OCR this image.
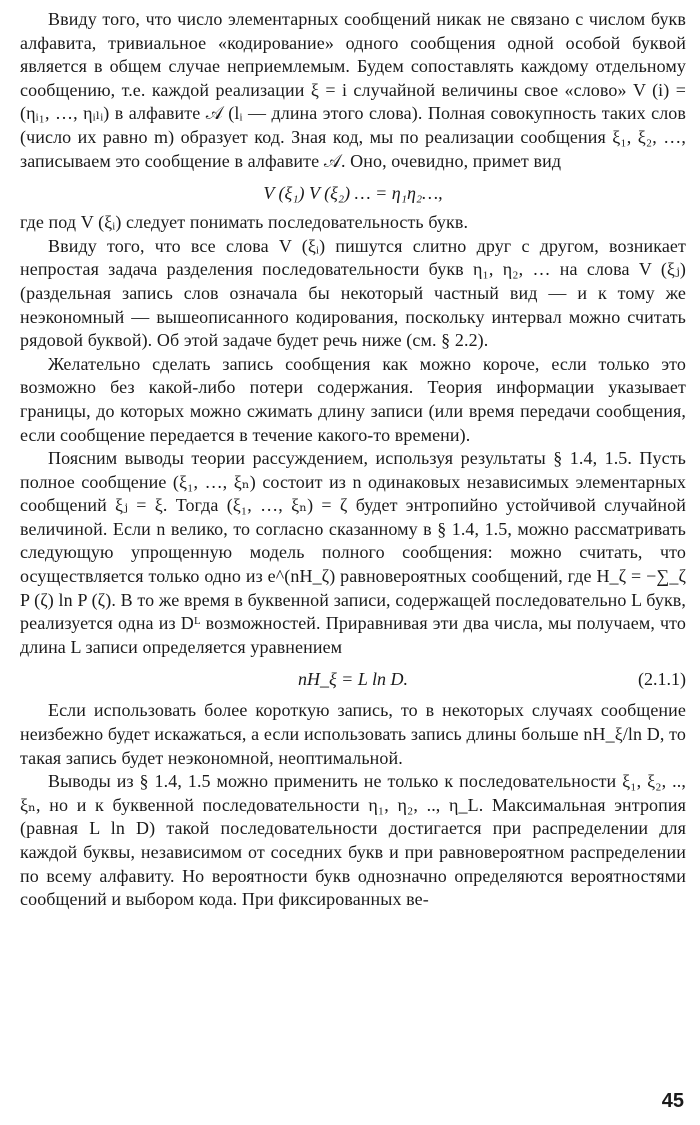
Ввиду того, что число элементарных сообщений никак не связано с числом букв алфавита, тривиальное «кодирование» одного сообщения одной особой буквой является в общем случае неприемлемым. Будем сопоставлять каждому отдельному сообщению, т.е. каждой реализации ξ = i случайной величины свое «слово» V (i) = (ηᵢ₁, …, ηᵢₗᵢ) в алфавите 𝒜 (lᵢ — длина этого слова). Полная совокупность таких слов (число их равно m) образует код. Зная код, мы по реализации сообщения ξ₁, ξ₂, …, записываем это сообщение в алфавите 𝒜. Оно, очевидно, примет вид

V (ξ₁) V (ξ₂) … = η₁η₂…,

где под V (ξᵢ) следует понимать последовательность букв.

Ввиду того, что все слова V (ξᵢ) пишутся слитно друг с другом, возникает непростая задача разделения последовательности букв η₁, η₂, … на слова V (ξⱼ) (раздельная запись слов означала бы некоторый частный вид — и к тому же неэкономный — вышеописанного кодирования, поскольку интервал можно считать рядовой буквой). Об этой задаче будет речь ниже (см. § 2.2).

Желательно сделать запись сообщения как можно короче, если только это возможно без какой-либо потери содержания. Теория информации указывает границы, до которых можно сжимать длину записи (или время передачи сообщения, если сообщение передается в течение какого-то времени).

Поясним выводы теории рассуждением, используя результаты § 1.4, 1.5. Пусть полное сообщение (ξ₁, …, ξₙ) состоит из n одинаковых независимых элементарных сообщений ξⱼ = ξ. Тогда (ξ₁, …, ξₙ) = ζ будет энтропийно устойчивой случайной величиной. Если n велико, то согласно сказанному в § 1.4, 1.5, можно рассматривать следующую упрощенную модель полного сообщения: можно считать, что осуществляется только одно из e^(nH_ζ) равновероятных сообщений, где H_ζ = −∑_ζ P (ζ) ln P (ζ). В то же время в буквенной записи, содержащей последовательно L букв, реализуется одна из Dᴸ возможностей. Приравнивая эти два числа, мы получаем, что длина L записи определяется уравнением

nH_ξ = L ln D.	(2.1.1)

Если использовать более короткую запись, то в некоторых случаях сообщение неизбежно будет искажаться, а если использовать запись длины больше nH_ξ/ln D, то такая запись будет неэкономной, неоптимальной.

Выводы из § 1.4, 1.5 можно применить не только к последовательности ξ₁, ξ₂, .., ξₙ, но и к буквенной последовательности η₁, η₂, .., η_L. Максимальная энтропия (равная L ln D) такой последовательности достигается при распределении для каждой буквы, независимом от соседних букв и при равновероятном распределении по всему алфавиту. Но вероятности букв однозначно определяются вероятностями сообщений и выбором кода. При фиксированных ве-

45
